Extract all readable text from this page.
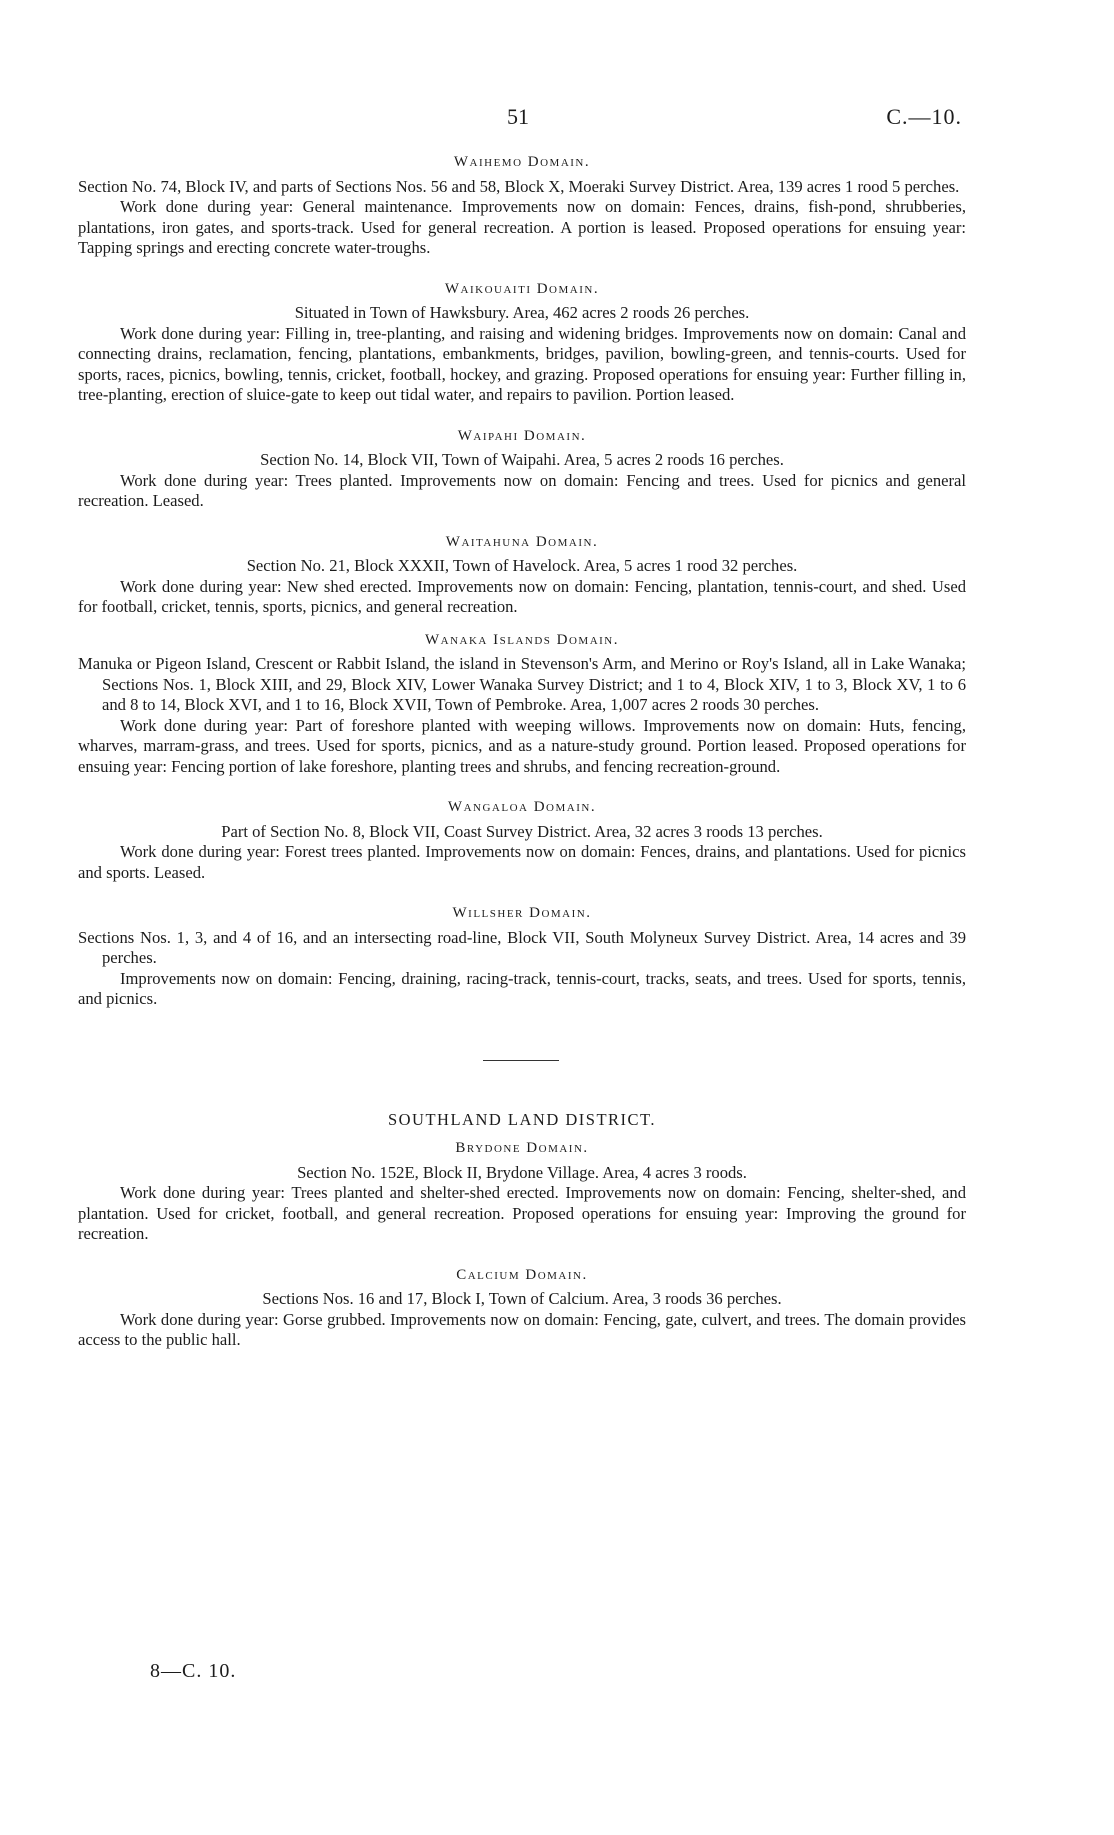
51	C.—10.
Waihemo Domain.

Section No. 74, Block IV, and parts of Sections Nos. 56 and 58, Block X, Moeraki Survey District. Area, 139 acres 1 rood 5 perches.

Work done during year: General maintenance. Improvements now on domain: Fences, drains, fish-pond, shrubberies, plantations, iron gates, and sports-track. Used for general recreation. A portion is leased. Proposed operations for ensuing year: Tapping springs and erecting concrete water-troughs.

Waikouaiti Domain.

Situated in Town of Hawksbury. Area, 462 acres 2 roods 26 perches.

Work done during year: Filling in, tree-planting, and raising and widening bridges. Improvements now on domain: Canal and connecting drains, reclamation, fencing, plantations, embankments, bridges, pavilion, bowling-green, and tennis-courts. Used for sports, races, picnics, bowling, tennis, cricket, football, hockey, and grazing. Proposed operations for ensuing year: Further filling in, tree-planting, erection of sluice-gate to keep out tidal water, and repairs to pavilion. Portion leased.

Waipahi Domain.

Section No. 14, Block VII, Town of Waipahi. Area, 5 acres 2 roods 16 perches.

Work done during year: Trees planted. Improvements now on domain: Fencing and trees. Used for picnics and general recreation. Leased.

Waitahuna Domain.

Section No. 21, Block XXXII, Town of Havelock. Area, 5 acres 1 rood 32 perches.

Work done during year: New shed erected. Improvements now on domain: Fencing, plantation, tennis-court, and shed. Used for football, cricket, tennis, sports, picnics, and general recreation.

Wanaka Islands Domain.

Manuka or Pigeon Island, Crescent or Rabbit Island, the island in Stevenson's Arm, and Merino or Roy's Island, all in Lake Wanaka; Sections Nos. 1, Block XIII, and 29, Block XIV, Lower Wanaka Survey District; and 1 to 4, Block XIV, 1 to 3, Block XV, 1 to 6 and 8 to 14, Block XVI, and 1 to 16, Block XVII, Town of Pembroke. Area, 1,007 acres 2 roods 30 perches.

Work done during year: Part of foreshore planted with weeping willows. Improvements now on domain: Huts, fencing, wharves, marram-grass, and trees. Used for sports, picnics, and as a nature-study ground. Portion leased. Proposed operations for ensuing year: Fencing portion of lake foreshore, planting trees and shrubs, and fencing recreation-ground.

Wangaloa Domain.

Part of Section No. 8, Block VII, Coast Survey District. Area, 32 acres 3 roods 13 perches.

Work done during year: Forest trees planted. Improvements now on domain: Fences, drains, and plantations. Used for picnics and sports. Leased.

Willsher Domain.

Sections Nos. 1, 3, and 4 of 16, and an intersecting road-line, Block VII, South Molyneux Survey District. Area, 14 acres and 39 perches.

Improvements now on domain: Fencing, draining, racing-track, tennis-court, tracks, seats, and trees. Used for sports, tennis, and picnics.

SOUTHLAND LAND DISTRICT.
Brydone Domain.

Section No. 152E, Block II, Brydone Village. Area, 4 acres 3 roods.

Work done during year: Trees planted and shelter-shed erected. Improvements now on domain: Fencing, shelter-shed, and plantation. Used for cricket, football, and general recreation. Proposed operations for ensuing year: Improving the ground for recreation.

Calcium Domain.

Sections Nos. 16 and 17, Block I, Town of Calcium. Area, 3 roods 36 perches.

Work done during year: Gorse grubbed. Improvements now on domain: Fencing, gate, culvert, and trees. The domain provides access to the public hall.

8—C. 10.
